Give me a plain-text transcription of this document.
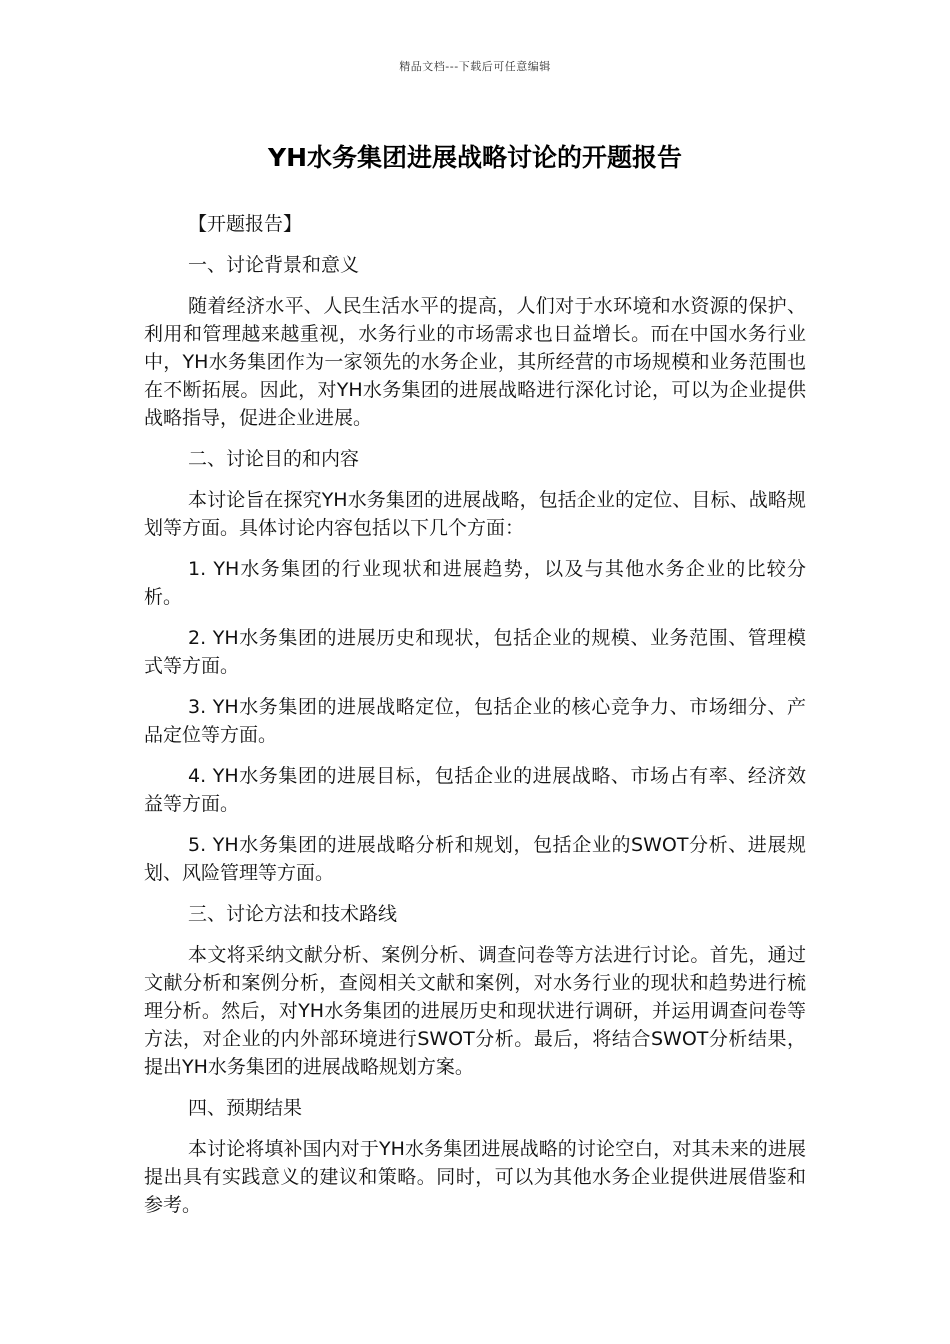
精品文档---下载后可任意编辑
YH水务集团进展战略讨论的开题报告

【开题报告】

一、讨论背景和意义

随着经济水平、人民生活水平的提高，人们对于水环境和水资源的保护、利用和管理越来越重视，水务行业的市场需求也日益增长。而在中国水务行业中，YH水务集团作为一家领先的水务企业，其所经营的市场规模和业务范围也在不断拓展。因此，对YH水务集团的进展战略进行深化讨论，可以为企业提供战略指导，促进企业进展。

二、讨论目的和内容

本讨论旨在探究YH水务集团的进展战略，包括企业的定位、目标、战略规划等方面。具体讨论内容包括以下几个方面：

1. YH水务集团的行业现状和进展趋势，以及与其他水务企业的比较分析。

2. YH水务集团的进展历史和现状，包括企业的规模、业务范围、管理模式等方面。

3. YH水务集团的进展战略定位，包括企业的核心竞争力、市场细分、产品定位等方面。

4. YH水务集团的进展目标，包括企业的进展战略、市场占有率、经济效益等方面。

5. YH水务集团的进展战略分析和规划，包括企业的SWOT分析、进展规划、风险管理等方面。

三、讨论方法和技术路线

本文将采纳文献分析、案例分析、调查问卷等方法进行讨论。首先，通过文献分析和案例分析，查阅相关文献和案例，对水务行业的现状和趋势进行梳理分析。然后，对YH水务集团的进展历史和现状进行调研，并运用调查问卷等方法，对企业的内外部环境进行SWOT分析。最后，将结合SWOT分析结果，提出YH水务集团的进展战略规划方案。

四、预期结果

本讨论将填补国内对于YH水务集团进展战略的讨论空白，对其未来的进展提出具有实践意义的建议和策略。同时，可以为其他水务企业提供进展借鉴和参考。
